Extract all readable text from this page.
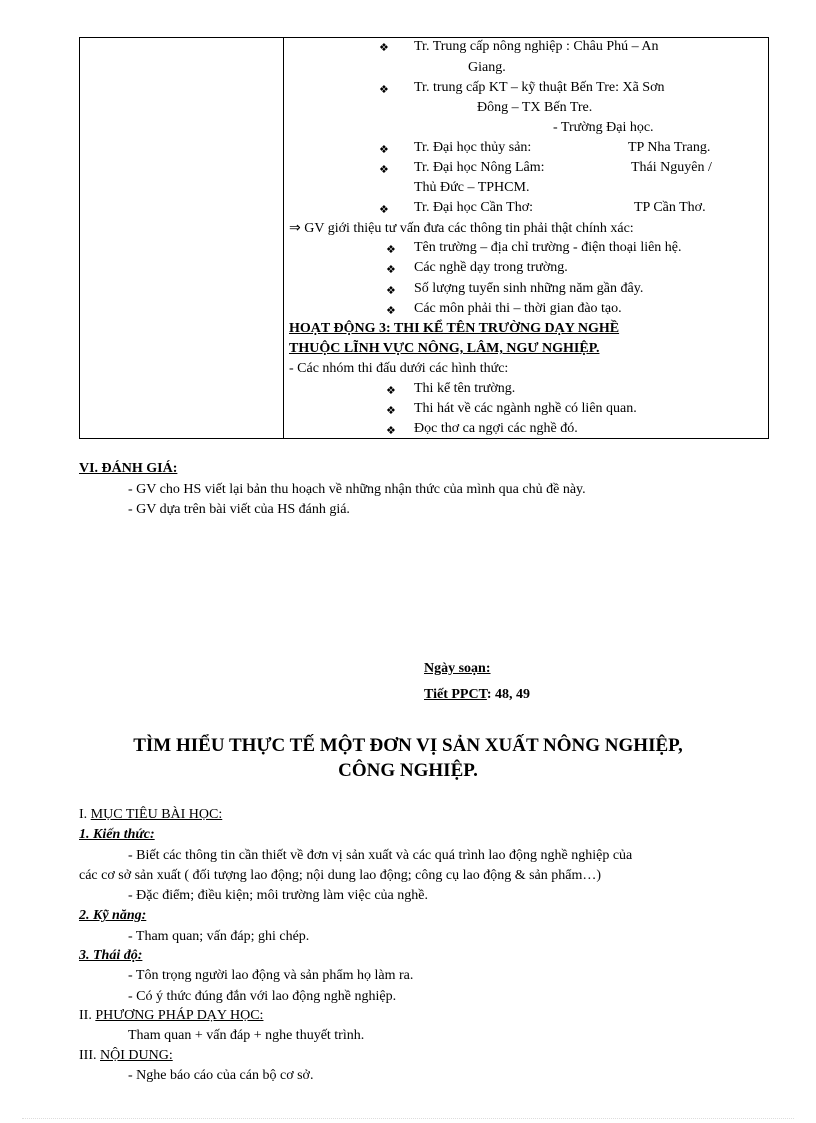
❖ Tr. Trung cấp nông nghiệp : Châu Phú – An
Giang.
❖ Tr. trung cấp KT – kỹ thuật Bến Tre: Xã Sơn
Đông – TX Bến Tre.
- Trường Đại học.
❖ Tr. Đại học thủy sản:	TP Nha Trang.
❖ Tr. Đại học Nông Lâm:	Thái Nguyên /
Thủ Đức – TPHCM.
❖ Tr. Đại học Cần Thơ:	TP Cần Thơ.
⇒ GV giới thiệu tư vấn đưa các thông tin phải thật chính xác:
❖ Tên trường – địa chỉ trường - điện thoại liên hệ.
❖ Các nghề dạy trong trường.
❖ Số lượng tuyển sinh những năm gần đây.
❖ Các môn phải thi – thời gian đào tạo.
HOẠT ĐỘNG 3: THI KỂ TÊN TRƯỜNG DẠY NGHỀ
THUỘC LĨNH VỰC NÔNG, LÂM, NGƯ NGHIỆP.
- Các nhóm thi đấu dưới các hình thức:
❖ Thi kể tên trường.
❖ Thi hát về các ngành nghề có liên quan.
❖ Đọc thơ ca ngợi các nghề đó.
VI. ĐÁNH GIÁ:
- GV cho HS viết lại bản thu hoạch về những nhận thức của mình qua chủ đề này.
- GV dựa trên bài viết của HS đánh giá.
Ngày soạn:
Tiết PPCT: 48, 49
TÌM HIỂU THỰC TẾ MỘT ĐƠN VỊ SẢN XUẤT NÔNG NGHIỆP,
CÔNG NGHIỆP.
I. MỤC TIÊU BÀI HỌC:
1. Kiến thức:
- Biết các thông tin cần thiết về đơn vị sản xuất và các quá trình lao động nghề nghiệp của
các cơ sở sản xuất ( đối tượng lao động; nội dung lao động; công cụ lao động & sản phẩm…)
- Đặc điểm; điều kiện; môi trường làm việc của nghề.
2. Kỹ năng:
- Tham quan; vấn đáp; ghi chép.
3. Thái độ:
- Tôn trọng người lao động và sản phẩm họ làm ra.
- Có ý thức đúng đắn với lao động nghề nghiệp.
II. PHƯƠNG PHÁP DẠY HỌC:
Tham quan + vấn đáp + nghe thuyết trình.
III. NỘI DUNG:
- Nghe báo cáo của cán bộ cơ sở.
